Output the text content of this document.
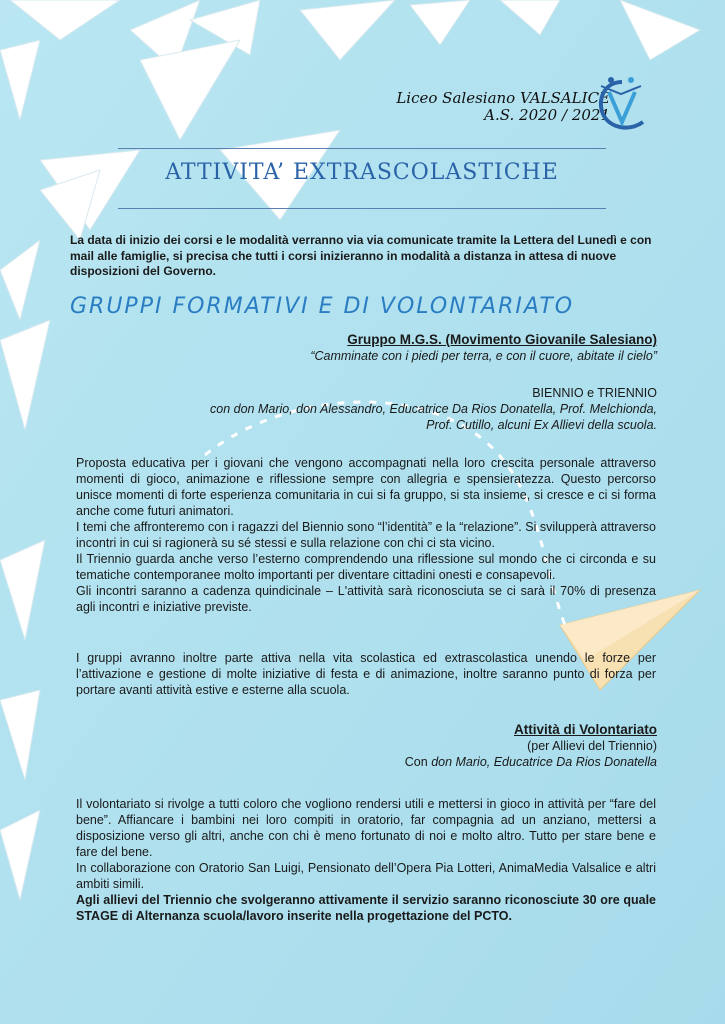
Liceo Salesiano VALSALICE
A.S. 2020 / 2021
ATTIVITA’ EXTRASCOLASTICHE
La data di inizio dei corsi e le modalità verranno via via comunicate tramite la Lettera del Lunedì e con mail alle famiglie, si precisa che tutti i corsi inizieranno in modalità a distanza in attesa di nuove disposizioni del Governo.
GRUPPI FORMATIVI E DI VOLONTARIATO
Gruppo M.G.S. (Movimento Giovanile Salesiano)
“Camminate con i piedi per terra, e con il cuore, abitate il cielo”
BIENNIO e TRIENNIO
con don Mario, don Alessandro, Educatrice Da Rios Donatella, Prof. Melchionda,
Prof. Cutillo, alcuni Ex Allievi della scuola.

Proposta educativa per i giovani che vengono accompagnati nella loro crescita personale attraverso momenti di gioco, animazione e riflessione sempre con allegria e spensieratezza. Questo percorso unisce momenti di forte esperienza comunitaria in cui si fa gruppo, si sta insieme, si cresce e ci si forma anche come futuri animatori.

I temi che affronteremo con i ragazzi del Biennio sono “l’identità” e la “relazione”. Si svilupperà attraverso incontri in cui si ragionerà su sé stessi e sulla relazione con chi ci sta vicino.

Il Triennio guarda anche verso l’esterno comprendendo una riflessione sul mondo che ci circonda e su tematiche contemporanee molto importanti per diventare cittadini onesti e consapevoli.

Gli incontri saranno a cadenza quindicinale – L'attività sarà riconosciuta se ci sarà il 70% di presenza agli incontri e iniziative previste.

I gruppi avranno inoltre parte attiva nella vita scolastica ed extrascolastica unendo le forze per l’attivazione e gestione di molte iniziative di festa e di animazione, inoltre saranno punto di forza per portare avanti attività estive e esterne alla scuola.
Attività di Volontariato
(per Allievi del Triennio)
Con don Mario, Educatrice Da Rios Donatella

Il volontariato si rivolge a tutti coloro che vogliono rendersi utili e mettersi in gioco in attività per “fare del bene”. Affiancare i bambini nei loro compiti in oratorio, far compagnia ad un anziano, mettersi a disposizione verso gli altri, anche con chi è meno fortunato di noi e molto altro. Tutto per stare bene e fare del bene.

In collaborazione con Oratorio San Luigi, Pensionato dell’Opera Pia Lotteri, AnimaMedia Valsalice e altri ambiti simili.

Agli allievi del Triennio che svolgeranno attivamente il servizio saranno riconosciute 30 ore quale STAGE di Alternanza scuola/lavoro inserite nella progettazione del PCTO.
